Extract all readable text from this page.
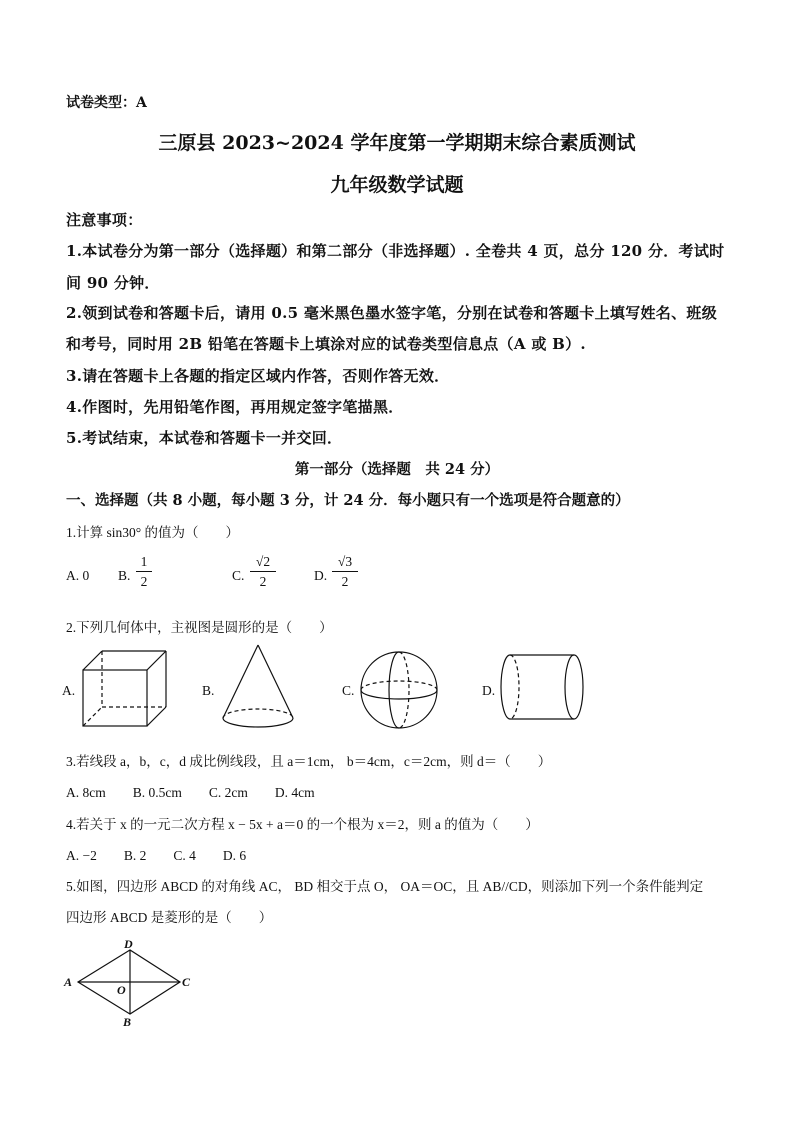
试卷类型：A
三原县 2023~2024 学年度第一学期期末综合素质测试
九年级数学试题
注意事项：
1.本试卷分为第一部分（选择题）和第二部分（非选择题）. 全卷共 4 页，总分 120 分．考试时
间 90 分钟．
2.领到试卷和答题卡后，请用 0.5 毫米黑色墨水签字笔，分别在试卷和答题卡上填写姓名、班级
和考号，同时用 2B 铅笔在答题卡上填涂对应的试卷类型信息点（A 或 B）.
3.请在答题卡上各题的指定区域内作答，否则作答无效．
4.作图时，先用铅笔作图，再用规定签字笔描黑．
5.考试结束，本试卷和答题卡一并交回．
第一部分（选择题　共 24 分）
一、选择题（共 8 小题，每小题 3 分，计 24 分．每小题只有一个选项是符合题意的）
1.计算 sin30° 的值为（　　）
A. 0 B.
1
2	C.
√2
2	D.
√3
2
2.下列几何体中，主视图是圆形的是（　　）
A.	B.	C.	D.
3.若线段 a，b，c，d 成比例线段，且 a＝1cm， b＝4cm，c＝2cm，则 d＝（　　）
A. 8cm　　B. 0.5cm　　C. 2cm　　D. 4cm
4.若关于 x 的一元二次方程 x − 5x + a＝0 的一个根为 x＝2，则 a 的值为（　　）
A. −2　　B. 2　　C. 4　　D. 6
5.如图，四边形 ABCD 的对角线 AC， BD 相交于点 O， OA＝OC，且 AB//CD，则添加下列一个条件能判定
四边形 ABCD 是菱形的是（　　）
A
D
C
B
O
